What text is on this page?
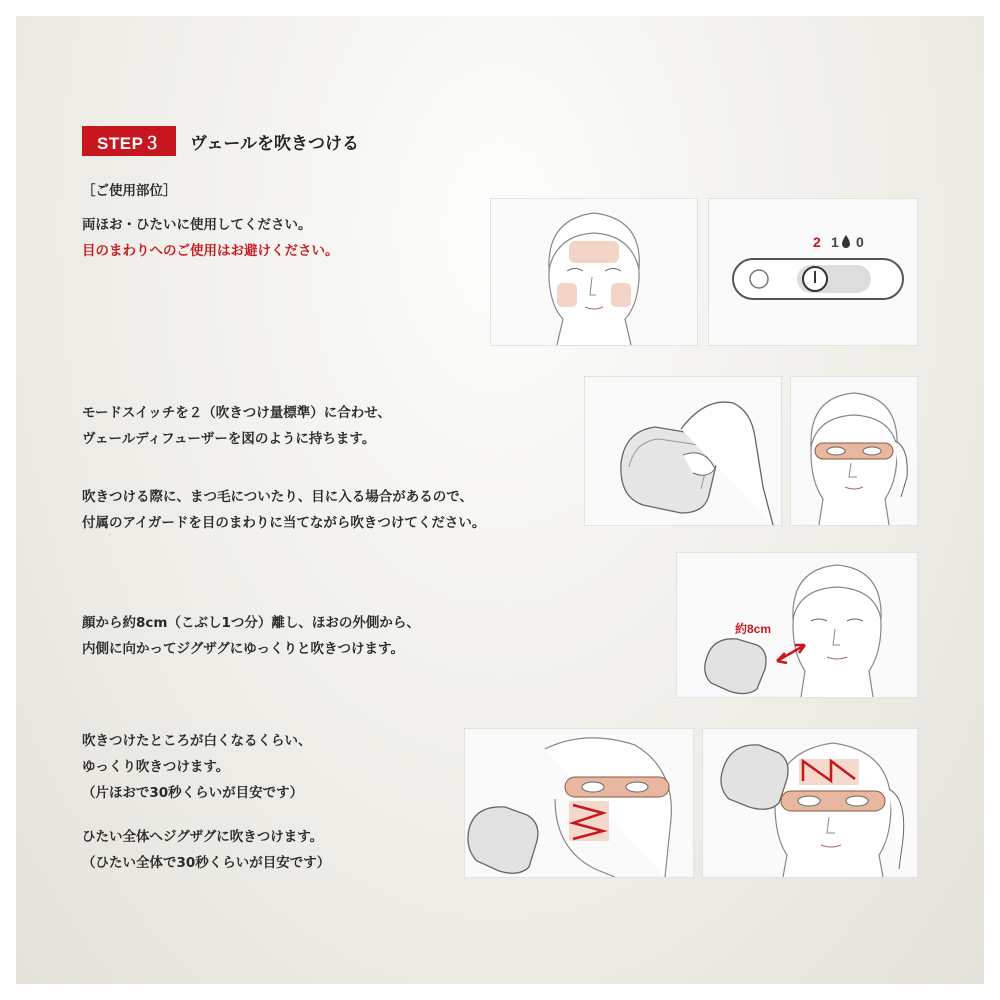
STEP３	ヴェールを吹きつける
［ご使用部位］
両ほお・ひたいに使用してください。
目のまわりへのご使用はお避けください。
2 1 0
モードスイッチを２（吹きつけ量標準）に合わせ、
ヴェールディフューザーを図のように持ちます。
吹きつける際に、まつ毛についたり、目に入る場合があるので、
付属のアイガードを目のまわりに当てながら吹きつけてください。
顔から約8cm（こぶし1つ分）離し、ほおの外側から、
内側に向かってジグザグにゆっくりと吹きつけます。
約8cm
吹きつけたところが白くなるくらい、
ゆっくり吹きつけます。
（片ほおで30秒くらいが目安です）
ひたい全体へジグザグに吹きつけます。
（ひたい全体で30秒くらいが目安です）
